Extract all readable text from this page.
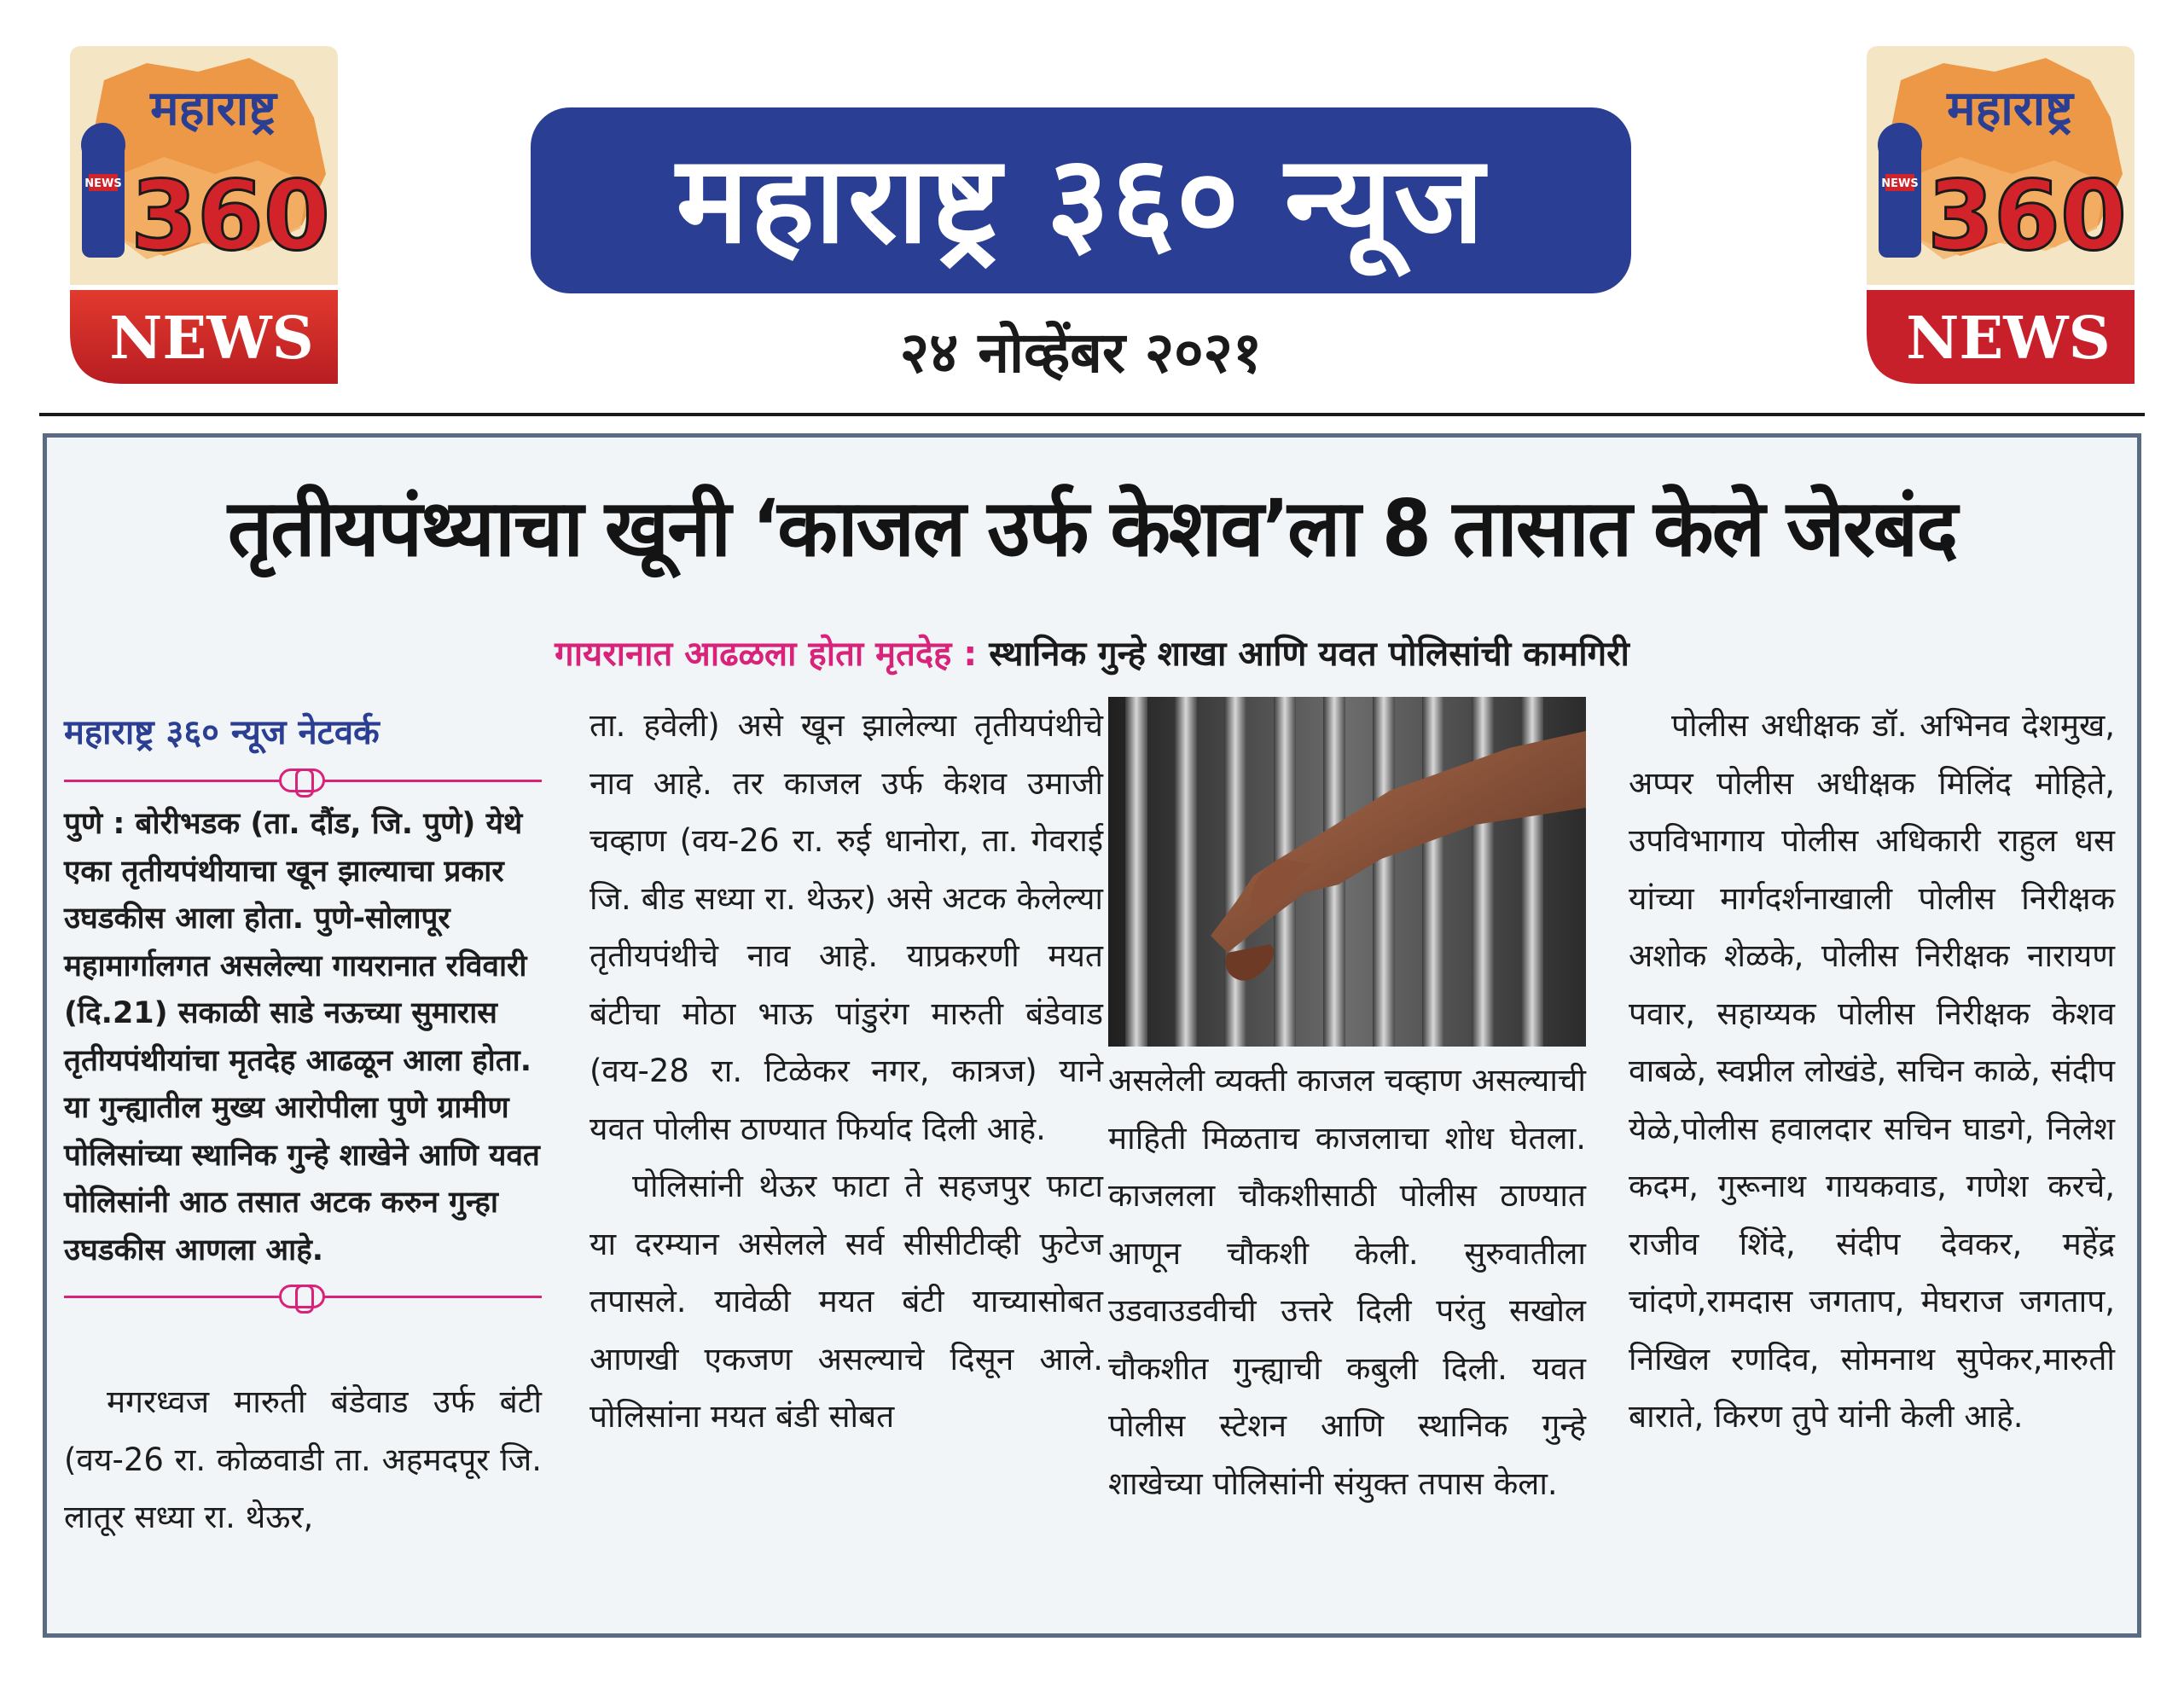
महाराष्ट्र
NEWS 360
NEWS
महाराष्ट्र
NEWS 360
NEWS
महाराष्ट्र ३६० न्यूज
२४ नोव्हेंबर २०२१
तृतीयपंथ्याचा खूनी ‘काजल उर्फ केशव’ला 8 तासात केले जेरबंद
गायरानात आढळला होता मृतदेह : स्थानिक गुन्हे शाखा आणि यवत पोलिसांची कामगिरी
महाराष्ट्र ३६० न्यूज नेटवर्क

पुणे : बोरीभडक (ता. दौंड, जि. पुणे) येथे एका तृतीयपंथीयाचा खून झाल्याचा प्रकार उघडकीस आला होता. पुणे-सोलापूर महामार्गालगत असलेल्या गायरानात रविवारी (दि.21) सकाळी साडे नऊच्या सुमारास तृतीयपंथीयांचा मृतदेह आढळून आला होता. या गुन्ह्यातील मुख्य आरोपीला पुणे ग्रामीण पोलिसांच्या स्थानिक गुन्हे शाखेने आणि यवत पोलिसांनी आठ तसात अटक करुन गुन्हा उघडकीस आणला आहे.

मगरध्वज मारुती बंडेवाड उर्फ बंटी (वय-26 रा. कोळवाडी ता. अहमदपूर जि. लातूर सध्या रा. थेऊर,

ता. हवेली) असे खून झालेल्या तृतीयपंथीचे नाव आहे. तर काजल उर्फ केशव उमाजी चव्हाण (वय-26 रा. रुई धानोरा, ता. गेवराई जि. बीड सध्या रा. थेऊर) असे अटक केलेल्या तृतीयपंथीचे नाव आहे. याप्रकरणी मयत बंटीचा मोठा भाऊ पांडुरंग मारुती बंडेवाड (वय-28 रा. टिळेकर नगर, कात्रज) याने यवत पोलीस ठाण्यात फिर्याद दिली आहे.

पोलिसांनी थेऊर फाटा ते सहजपुर फाटा या दरम्यान असेलले सर्व सीसीटीव्ही फुटेज तपासले. यावेळी मयत बंटी याच्यासोबत आणखी एकजण असल्याचे दिसून आले. पोलिसांना मयत बंडी सोबत

असलेली व्यक्ती काजल चव्हाण असल्याची माहिती मिळताच काजलाचा शोध घेतला. काजलला चौकशीसाठी पोलीस ठाण्यात आणून चौकशी केली. सुरुवातीला उडवाउडवीची उत्तरे दिली परंतु सखोल चौकशीत गुन्ह्याची कबुली दिली. यवत पोलीस स्टेशन आणि स्थानिक गुन्हे शाखेच्या पोलिसांनी संयुक्त तपास केला.

पोलीस अधीक्षक डॉ. अभिनव देशमुख, अप्पर पोलीस अधीक्षक मिलिंद मोहिते, उपविभागाय पोलीस अधिकारी राहुल धस यांच्या मार्गदर्शनाखाली पोलीस निरीक्षक अशोक शेळके, पोलीस निरीक्षक नारायण पवार, सहाय्यक पोलीस निरीक्षक केशव वाबळे, स्वप्नील लोखंडे, सचिन काळे, संदीप येळे,पोलीस हवालदार सचिन घाडगे, निलेश कदम, गुरूनाथ गायकवाड, गणेश करचे, राजीव शिंदे, संदीप देवकर, महेंद्र चांदणे,रामदास जगताप, मेघराज जगताप, निखिल रणदिव, सोमनाथ सुपेकर,मारुती बाराते, किरण तुपे यांनी केली आहे.
